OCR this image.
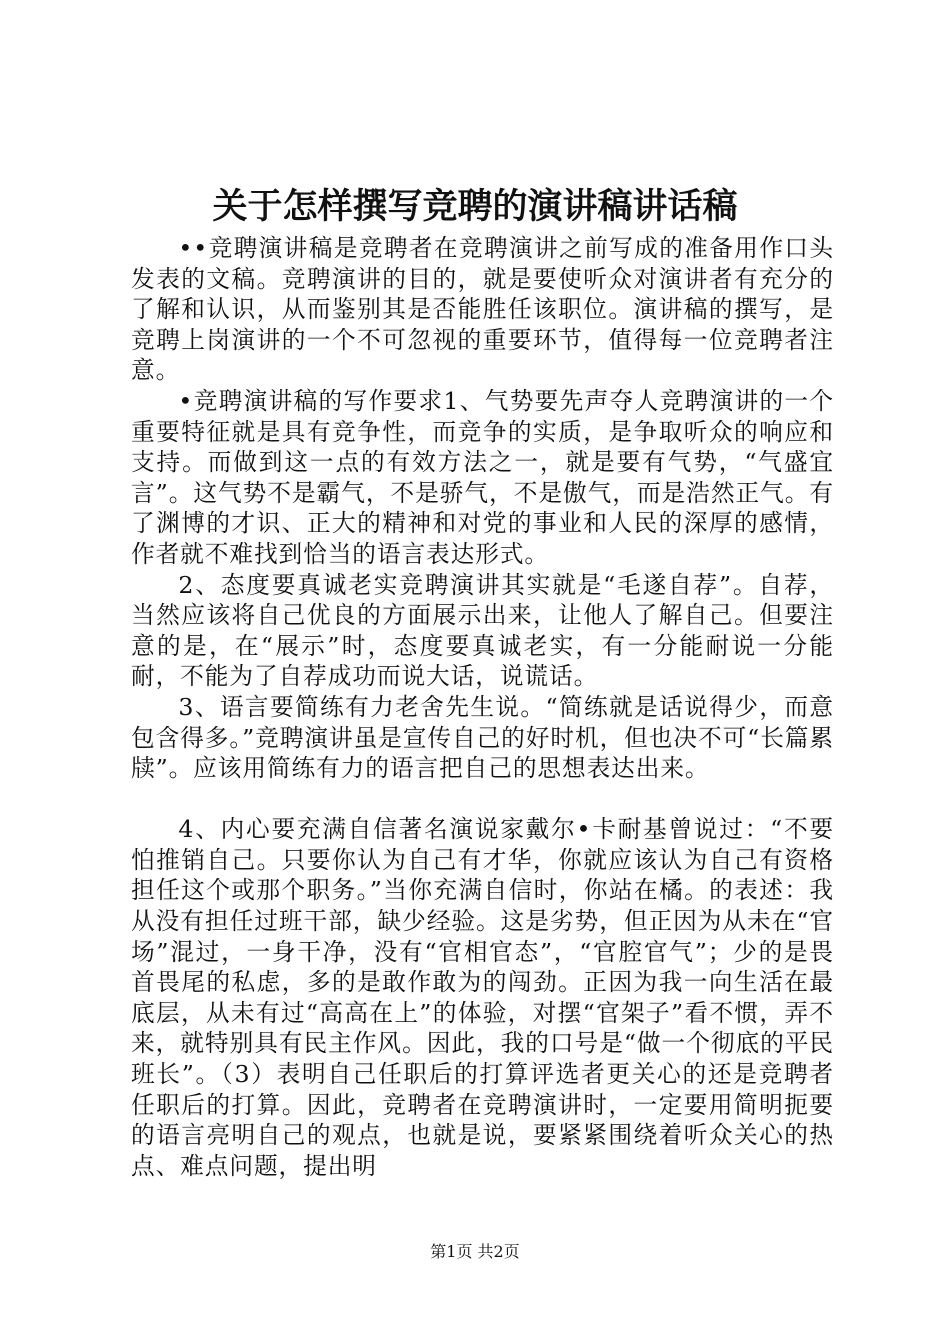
关于怎样撰写竞聘的演讲稿讲话稿

••竞聘演讲稿是竞聘者在竞聘演讲之前写成的准备用作口头发表的文稿。竞聘演讲的目的，就是要使听众对演讲者有充分的了解和认识，从而鉴别其是否能胜任该职位。演讲稿的撰写，是竞聘上岗演讲的一个不可忽视的重要环节，值得每一位竞聘者注意。

•竞聘演讲稿的写作要求1、气势要先声夺人竞聘演讲的一个重要特征就是具有竞争性，而竞争的实质，是争取听众的响应和支持。而做到这一点的有效方法之一，就是要有气势，“气盛宜言”。这气势不是霸气，不是骄气，不是傲气，而是浩然正气。有了渊博的才识、正大的精神和对党的事业和人民的深厚的感情，作者就不难找到恰当的语言表达形式。

2、态度要真诚老实竞聘演讲其实就是“毛遂自荐”。自荐，当然应该将自己优良的方面展示出来，让他人了解自己。但要注意的是，在“展示”时，态度要真诚老实，有一分能耐说一分能耐，不能为了自荐成功而说大话，说谎话。

3、语言要简练有力老舍先生说。“简练就是话说得少，而意包含得多。”竞聘演讲虽是宣传自己的好时机，但也决不可“长篇累牍”。应该用简练有力的语言把自己的思想表达出来。

4、内心要充满自信著名演说家戴尔•卡耐基曾说过：“不要怕推销自己。只要你认为自己有才华，你就应该认为自己有资格担任这个或那个职务。”当你充满自信时，你站在橘。的表述：我从没有担任过班干部，缺少经验。这是劣势，但正因为从未在“官场”混过，一身干净，没有“官相官态”，“官腔官气”；少的是畏首畏尾的私虑，多的是敢作敢为的闯劲。正因为我一向生活在最底层，从未有过“高高在上”的体验，对摆“官架子”看不惯，弄不来，就特别具有民主作风。因此，我的口号是“做一个彻底的平民班长”。（3）表明自己任职后的打算评选者更关心的还是竞聘者任职后的打算。因此，竞聘者在竞聘演讲时，一定要用简明扼要的语言亮明自己的观点，也就是说，要紧紧围绕着听众关心的热点、难点问题，提出明

第1页 共2页
